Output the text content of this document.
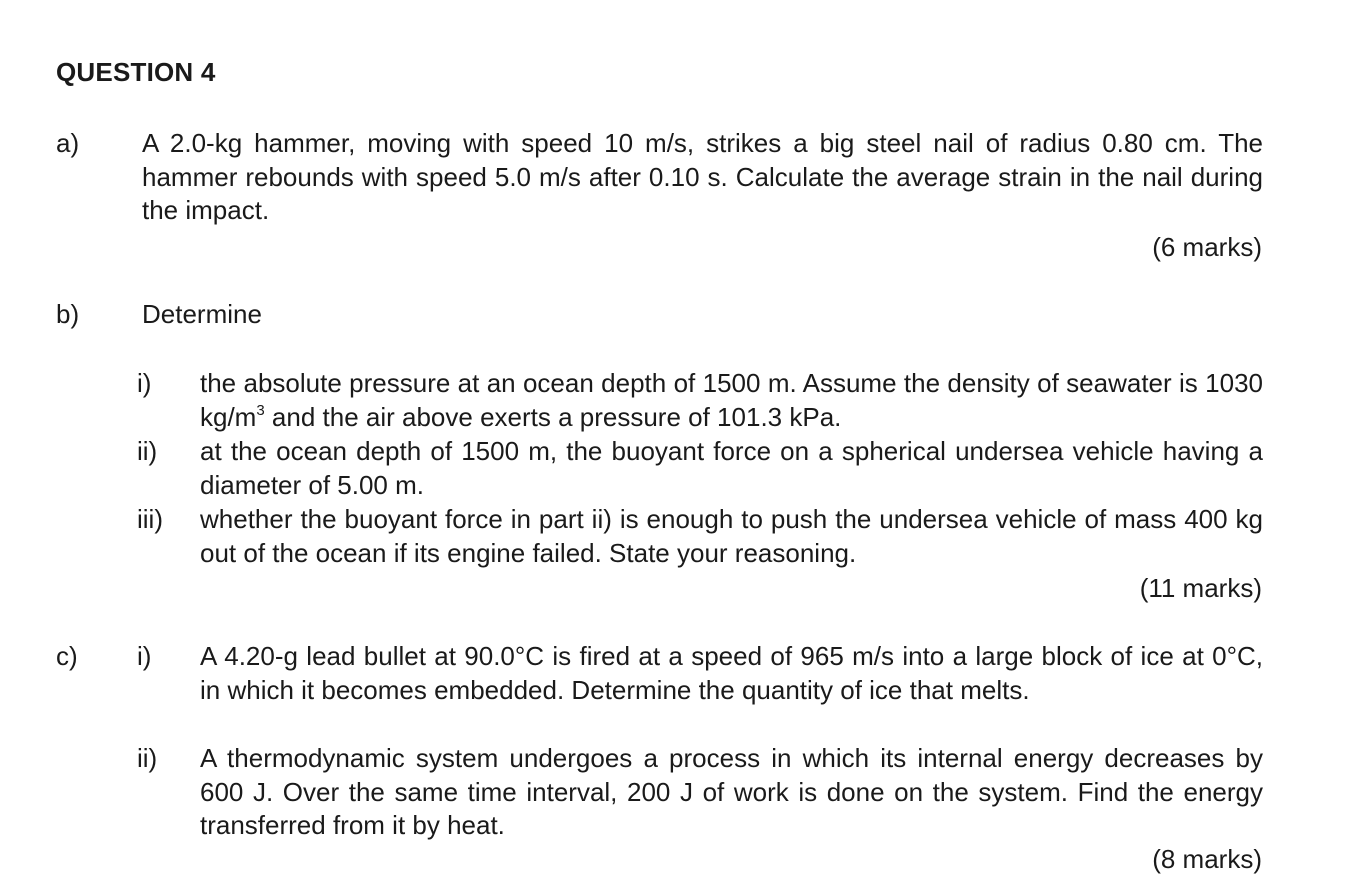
QUESTION 4
a) A 2.0-kg hammer, moving with speed 10 m/s, strikes a big steel nail of radius 0.80 cm. The hammer rebounds with speed 5.0 m/s after 0.10 s. Calculate the average strain in the nail during the impact.
(6 marks)
b) Determine
i) the absolute pressure at an ocean depth of 1500 m. Assume the density of seawater is 1030 $kg/m^3$ and the air above exerts a pressure of 101.3 kPa.
ii) at the ocean depth of 1500 m, the buoyant force on a spherical undersea vehicle having a diameter of 5.00 m.
iii) whether the buoyant force in part ii) is enough to push the undersea vehicle of mass 400 kg out of the ocean if its engine failed. State your reasoning.
(11 marks)
c) i) A 4.20-g lead bullet at 90.0°C is fired at a speed of 965 m/s into a large block of ice at 0°C, in which it becomes embedded. Determine the quantity of ice that melts.
ii) A thermodynamic system undergoes a process in which its internal energy decreases by 600 J. Over the same time interval, 200 J of work is done on the system. Find the energy transferred from it by heat.
(8 marks)
